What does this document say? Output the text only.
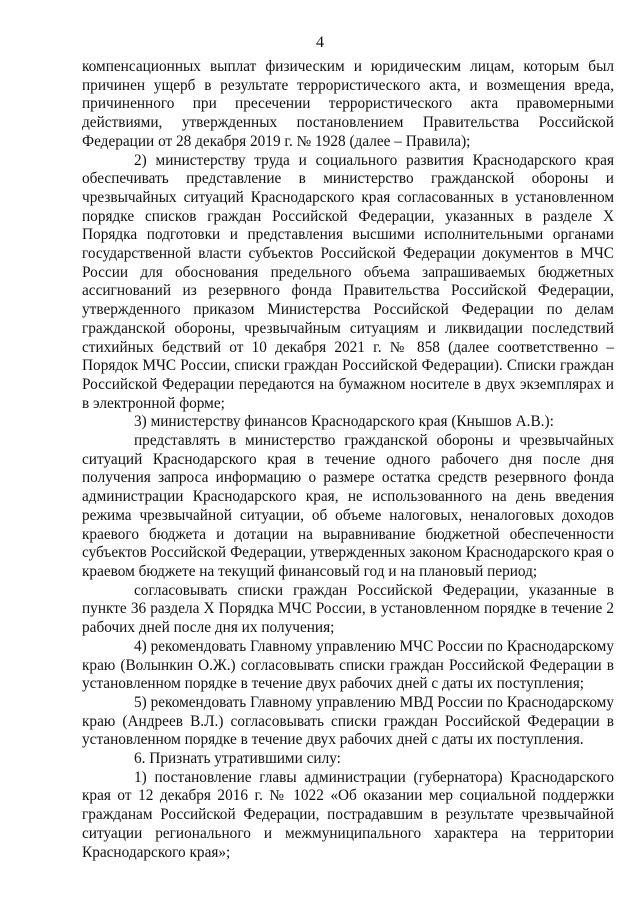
4

компенсационных выплат физическим и юридическим лицам, которым был причинен ущерб в результате террористического акта, и возмещения вреда, причиненного при пресечении террористического акта правомерными действиями, утвержденных постановлением Правительства Российской Федерации от 28 декабря 2019 г. № 1928 (далее – Правила);

2) министерству труда и социального развития Краснодарского края обеспечивать представление в министерство гражданской обороны и чрезвычайных ситуаций Краснодарского края согласованных в установленном порядке списков граждан Российской Федерации, указанных в разделе X Порядка подготовки и представления высшими исполнительными органами государственной власти субъектов Российской Федерации документов в МЧС России для обоснования предельного объема запрашиваемых бюджетных ассигнований из резервного фонда Правительства Российской Федерации, утвержденного приказом Министерства Российской Федерации по делам гражданской обороны, чрезвычайным ситуациям и ликвидации последствий стихийных бедствий от 10 декабря 2021 г. № 858 (далее соответственно – Порядок МЧС России, списки граждан Российской Федерации). Списки граждан Российской Федерации передаются на бумажном носителе в двух экземплярах и в электронной форме;

3) министерству финансов Краснодарского края (Кнышов А.В.):

представлять в министерство гражданской обороны и чрезвычайных ситуаций Краснодарского края в течение одного рабочего дня после дня получения запроса информацию о размере остатка средств резервного фонда администрации Краснодарского края, не использованного на день введения режима чрезвычайной ситуации, об объеме налоговых, неналоговых доходов краевого бюджета и дотации на выравнивание бюджетной обеспеченности субъектов Российской Федерации, утвержденных законом Краснодарского края о краевом бюджете на текущий финансовый год и на плановый период;

согласовывать списки граждан Российской Федерации, указанные в пункте 36 раздела X Порядка МЧС России, в установленном порядке в течение 2 рабочих дней после дня их получения;

4) рекомендовать Главному управлению МЧС России по Краснодарскому краю (Волынкин О.Ж.) согласовывать списки граждан Российской Федерации в установленном порядке в течение двух рабочих дней с даты их поступления;

5) рекомендовать Главному управлению МВД России по Краснодарскому краю (Андреев В.Л.) согласовывать списки граждан Российской Федерации в установленном порядке в течение двух рабочих дней с даты их поступления.

6. Признать утратившими силу:

1) постановление главы администрации (губернатора) Краснодарского края от 12 декабря 2016 г. № 1022 «Об оказании мер социальной поддержки гражданам Российской Федерации, пострадавшим в результате чрезвычайной ситуации регионального и межмуниципального характера на территории Краснодарского края»;
